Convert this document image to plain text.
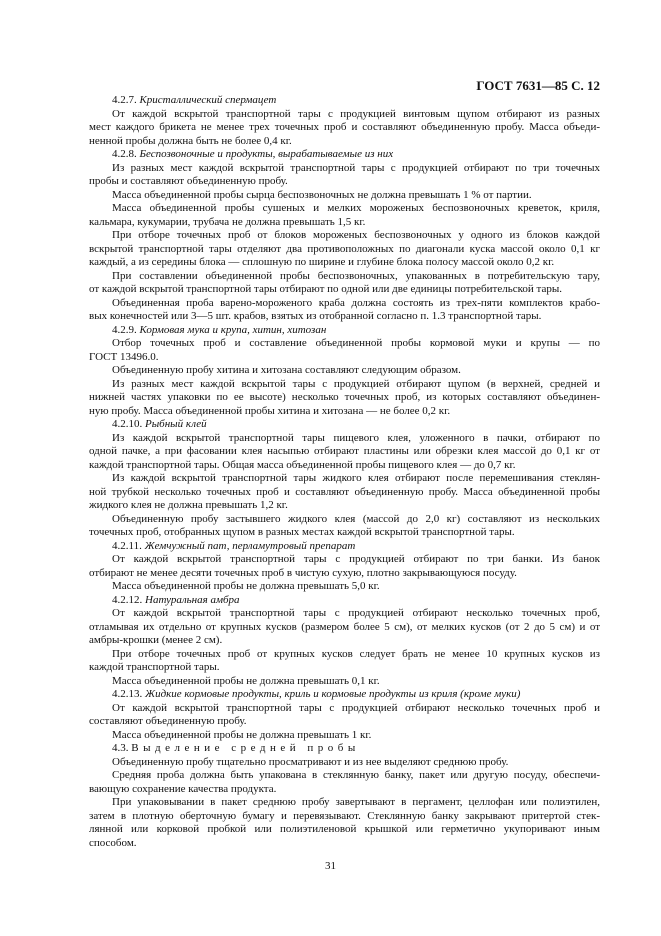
ГОСТ 7631—85 С. 12
4.2.7. Кристаллический спермацет
От каждой вскрытой транспортной тары с продукцией винтовым щупом отбирают из разных
мест каждого брикета не менее трех точечных проб и составляют объединенную пробу. Масса объеди-
ненной пробы должна быть не более 0,4 кг.
4.2.8. Беспозвоночные и продукты, вырабатываемые из них
Из разных мест каждой вскрытой транспортной тары с продукцией отбирают по три точечных
пробы и составляют объединенную пробу.
Масса объединенной пробы сырца беспозвоночных не должна превышать 1 % от партии.
Масса объединенной пробы сушеных и мелких мороженых беспозвоночных креветок, криля,
кальмара, кукумарии, трубача не должна превышать 1,5 кг.
При отборе точечных проб от блоков мороженых беспозвоночных у одного из блоков каждой
вскрытой транспортной тары отделяют два противоположных по диагонали куска массой около 0,1 кг
каждый, а из середины блока — сплошную по ширине и глубине блока полосу массой около 0,2 кг.
При составлении объединенной пробы беспозвоночных, упакованных в потребительскую тару,
от каждой вскрытой транспортной тары отбирают по одной или две единицы потребительской тары.
Объединенная проба варено-мороженого краба должна состоять из трех-пяти комплектов крабо-
вых конечностей или 3—5 шт. крабов, взятых из отобранной согласно п. 1.3 транспортной тары.
4.2.9. Кормовая мука и крупа, хитин, хитозан
Отбор точечных проб и составление объединенной пробы кормовой муки и крупы — по
ГОСТ 13496.0.
Объединенную пробу хитина и хитозана составляют следующим образом.
Из разных мест каждой вскрытой тары с продукцией отбирают щупом (в верхней, средней и
нижней частях упаковки по ее высоте) несколько точечных проб, из которых составляют объединен-
ную пробу. Масса объединенной пробы хитина и хитозана — не более 0,2 кг.
4.2.10. Рыбный клей
Из каждой вскрытой транспортной тары пищевого клея, уложенного в пачки, отбирают по
одной пачке, а при фасовании клея насыпью отбирают пластины или обрезки клея массой до 0,1 кг от
каждой транспортной тары. Общая масса объединенной пробы пищевого клея — до 0,7 кг.
Из каждой вскрытой транспортной тары жидкого клея отбирают после перемешивания стеклян-
ной трубкой несколько точечных проб и составляют объединенную пробу. Масса объединенной пробы
жидкого клея не должна превышать 1,2 кг.
Объединенную пробу застывшего жидкого клея (массой до 2,0 кг) составляют из нескольких
точечных проб, отобранных щупом в разных местах каждой вскрытой транспортной тары.
4.2.11. Жемчужный пат, перламутровый препарат
От каждой вскрытой транспортной тары с продукцией отбирают по три банки. Из банок
отбирают не менее десяти точечных проб в чистую сухую, плотно закрывающуюся посуду.
Масса объединенной пробы не должна превышать 5,0 кг.
4.2.12. Натуральная амбра
От каждой вскрытой транспортной тары с продукцией отбирают несколько точечных проб,
отламывая их отдельно от крупных кусков (размером более 5 см), от мелких кусков (от 2 до 5 см) и от
амбры-крошки (менее 2 см).
При отборе точечных проб от крупных кусков следует брать не менее 10 крупных кусков из
каждой транспортной тары.
Масса объединенной пробы не должна превышать 0,1 кг.
4.2.13. Жидкие кормовые продукты, криль и кормовые продукты из криля (кроме муки)
От каждой вскрытой транспортной тары с продукцией отбирают несколько точечных проб и
составляют объединенную пробу.
Масса объединенной пробы не должна превышать 1 кг.
4.3. Выделение средней пробы
Объединенную пробу тщательно просматривают и из нее выделяют среднюю пробу.
Средняя проба должна быть упакована в стеклянную банку, пакет или другую посуду, обеспечи-
вающую сохранение качества продукта.
При упаковывании в пакет среднюю пробу завертывают в пергамент, целлофан или полиэтилен,
затем в плотную оберточную бумагу и перевязывают. Стеклянную банку закрывают притертой стек-
лянной или корковой пробкой или полиэтиленовой крышкой или герметично укупоривают иным
способом.
31
